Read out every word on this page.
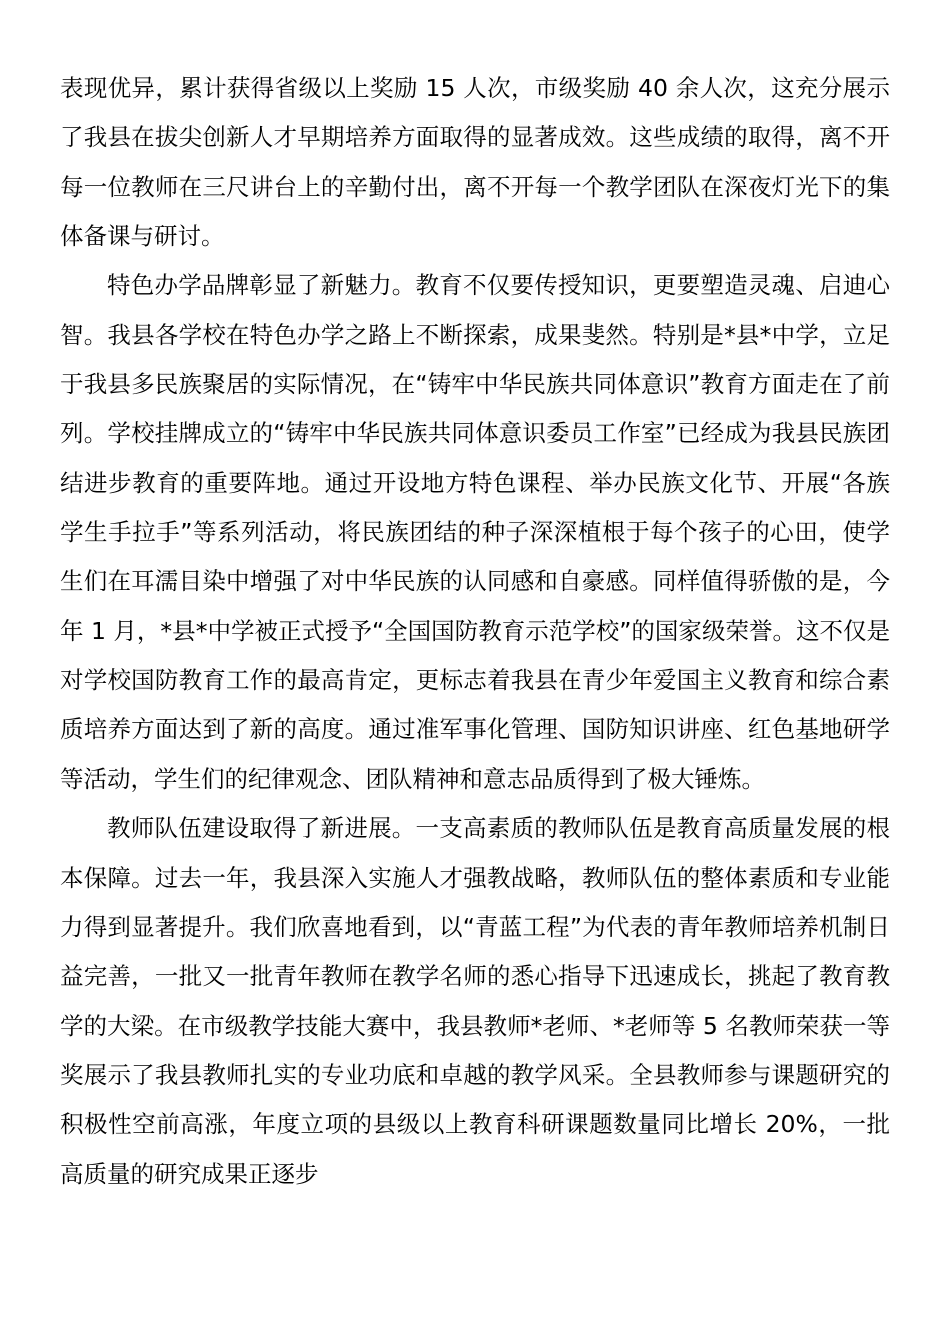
表现优异，累计获得省级以上奖励 15 人次，市级奖励 40 余人次，这充分展示了我县在拔尖创新人才早期培养方面取得的显著成效。这些成绩的取得，离不开每一位教师在三尺讲台上的辛勤付出，离不开每一个教学团队在深夜灯光下的集体备课与研讨。

特色办学品牌彰显了新魅力。教育不仅要传授知识，更要塑造灵魂、启迪心智。我县各学校在特色办学之路上不断探索，成果斐然。特别是*县*中学，立足于我县多民族聚居的实际情况，在“铸牢中华民族共同体意识”教育方面走在了前列。学校挂牌成立的“铸牢中华民族共同体意识委员工作室”已经成为我县民族团结进步教育的重要阵地。通过开设地方特色课程、举办民族文化节、开展“各族学生手拉手”等系列活动，将民族团结的种子深深植根于每个孩子的心田，使学生们在耳濡目染中增强了对中华民族的认同感和自豪感。同样值得骄傲的是，今年 1 月，*县*中学被正式授予“全国国防教育示范学校”的国家级荣誉。这不仅是对学校国防教育工作的最高肯定，更标志着我县在青少年爱国主义教育和综合素质培养方面达到了新的高度。通过准军事化管理、国防知识讲座、红色基地研学等活动，学生们的纪律观念、团队精神和意志品质得到了极大锤炼。

教师队伍建设取得了新进展。一支高素质的教师队伍是教育高质量发展的根本保障。过去一年，我县深入实施人才强教战略，教师队伍的整体素质和专业能力得到显著提升。我们欣喜地看到，以“青蓝工程”为代表的青年教师培养机制日益完善，一批又一批青年教师在教学名师的悉心指导下迅速成长，挑起了教育教学的大梁。在市级教学技能大赛中，我县教师*老师、*老师等 5 名教师荣获一等奖展示了我县教师扎实的专业功底和卓越的教学风采。全县教师参与课题研究的积极性空前高涨，年度立项的县级以上教育科研课题数量同比增长 20%，一批高质量的研究成果正逐步
